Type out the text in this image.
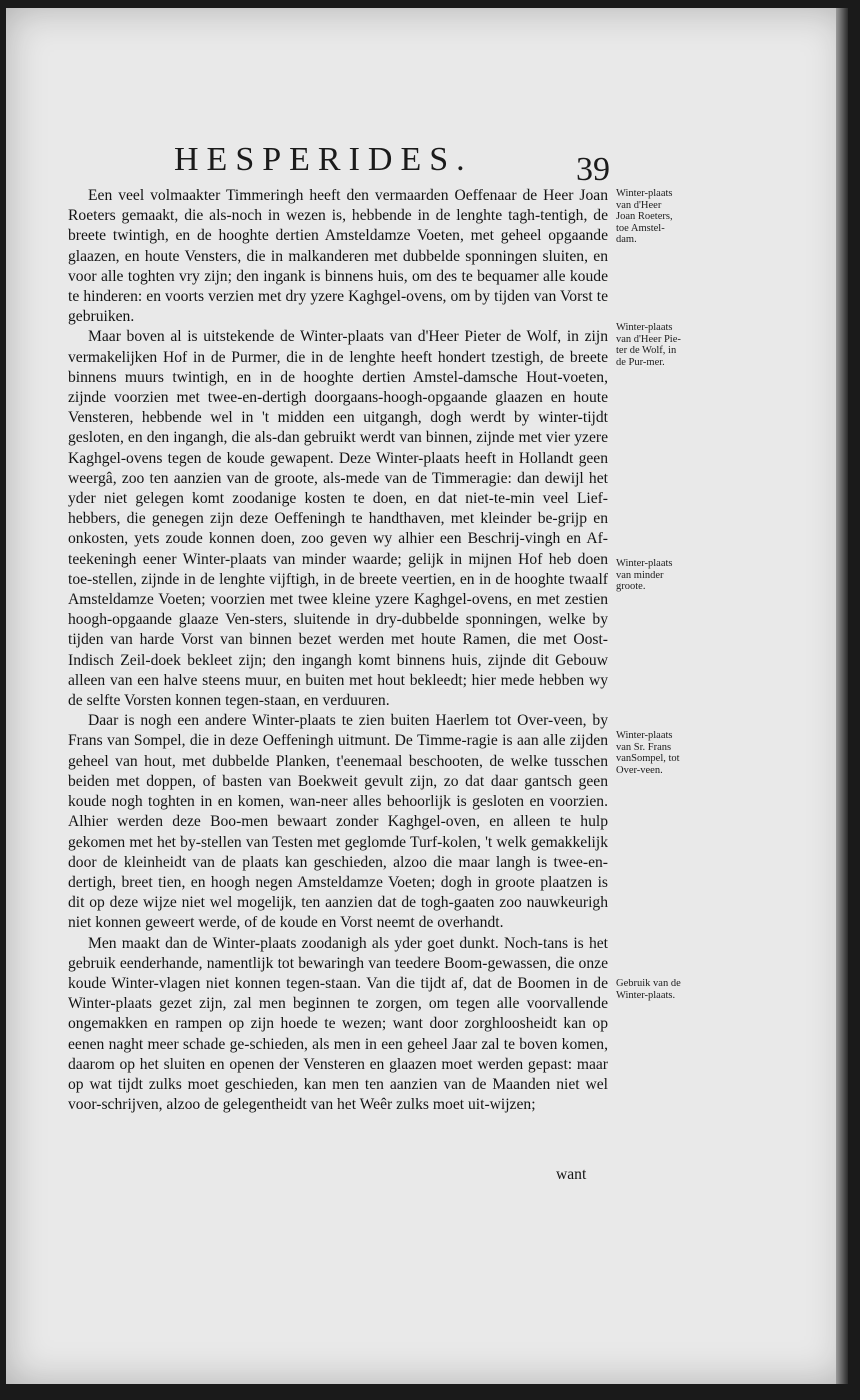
HESPERIDES.	39

Een veel volmaakter Timmeringh heeft den vermaarden Oeffenaar de Heer Joan Roeters gemaakt, die als-noch in wezen is, hebbende in de lenghte tagh-tentigh, de breete twintigh, en de hooghte dertien Amsteldamze Voeten, met geheel opgaande glaazen, en houte Vensters, die in malkanderen met dubbelde sponningen sluiten, en voor alle toghten vry zijn; den ingank is binnens huis, om des te bequamer alle koude te hinderen: en voorts verzien met dry yzere Kaghgel-ovens, om by tijden van Vorst te gebruiken.

Maar boven al is uitstekende de Winter-plaats van d'Heer Pieter de Wolf, in zijn vermakelijken Hof in de Purmer, die in de lenghte heeft hondert tzestigh, de breete binnens muurs twintigh, en in de hooghte dertien Amstel-damsche Hout-voeten, zijnde voorzien met twee-en-dertigh doorgaans-hoogh-opgaande glaazen en houte Vensteren, hebbende wel in 't midden een uitgangh, dogh werdt by winter-tijdt gesloten, en den ingangh, die als-dan gebruikt werdt van binnen, zijnde met vier yzere Kaghgel-ovens tegen de koude gewapent. Deze Winter-plaats heeft in Hollandt geen weergâ, zoo ten aanzien van de groote, als-mede van de Timmeragie: dan dewijl het yder niet gelegen komt zoodanige kosten te doen, en dat niet-te-min veel Lief-hebbers, die genegen zijn deze Oeffeningh te handthaven, met kleinder be-grijp en onkosten, yets zoude konnen doen, zoo geven wy alhier een Beschrij-vingh en Af-teekeningh eener Winter-plaats van minder waarde; gelijk in mijnen Hof heb doen toe-stellen, zijnde in de lenghte vijftigh, in de breete veertien, en in de hooghte twaalf Amsteldamze Voeten; voorzien met twee kleine yzere Kaghgel-ovens, en met zestien hoogh-opgaande glaaze Ven-sters, sluitende in dry-dubbelde sponningen, welke by tijden van harde Vorst van binnen bezet werden met houte Ramen, die met Oost-Indisch Zeil-doek bekleet zijn; den ingangh komt binnens huis, zijnde dit Gebouw alleen van een halve steens muur, en buiten met hout bekleedt; hier mede hebben wy de selfte Vorsten konnen tegen-staan, en verduuren.

Daar is nogh een andere Winter-plaats te zien buiten Haerlem tot Over-veen, by Frans van Sompel, die in deze Oeffeningh uitmunt. De Timme-ragie is aan alle zijden geheel van hout, met dubbelde Planken, t'eenemaal beschooten, de welke tusschen beiden met doppen, of basten van Boekweit gevult zijn, zo dat daar gantsch geen koude nogh toghten in en komen, wan-neer alles behoorlijk is gesloten en voorzien. Alhier werden deze Boo-men bewaart zonder Kaghgel-oven, en alleen te hulp gekomen met het by-stellen van Testen met geglomde Turf-kolen, 't welk gemakkelijk door de kleinheidt van de plaats kan geschieden, alzoo die maar langh is twee-en-dertigh, breet tien, en hoogh negen Amsteldamze Voeten; dogh in groote plaatzen is dit op deze wijze niet wel mogelijk, ten aanzien dat de togh-gaaten zoo nauwkeurigh niet konnen geweert werde, of de koude en Vorst neemt de overhandt.

Men maakt dan de Winter-plaats zoodanigh als yder goet dunkt. Noch-tans is het gebruik eenderhande, namentlijk tot bewaringh van teedere Boom-gewassen, die onze koude Winter-vlagen niet konnen tegen-staan. Van die tijdt af, dat de Boomen in de Winter-plaats gezet zijn, zal men beginnen te zorgen, om tegen alle voorvallende ongemakken en rampen op zijn hoede te wezen; want door zorghloosheidt kan op eenen naght meer schade ge-schieden, als men in een geheel Jaar zal te boven komen, daarom op het sluiten en openen der Vensteren en glaazen moet werden gepast: maar op wat tijdt zulks moet geschieden, kan men ten aanzien van de Maanden niet wel voor-schrijven, alzoo de gelegentheidt van het Weêr zulks moet uit-wijzen;

Winter-plaats van d'Heer Joan Roeters, toe Amstel-dam.
Winter-plaats van d'Heer Pie-ter de Wolf, in de Pur-mer.
Winter-plaats van minder groote.
Winter-plaats van Sr. Frans vanSompel, tot Over-veen.
Gebruik van de Winter-plaats.
want
